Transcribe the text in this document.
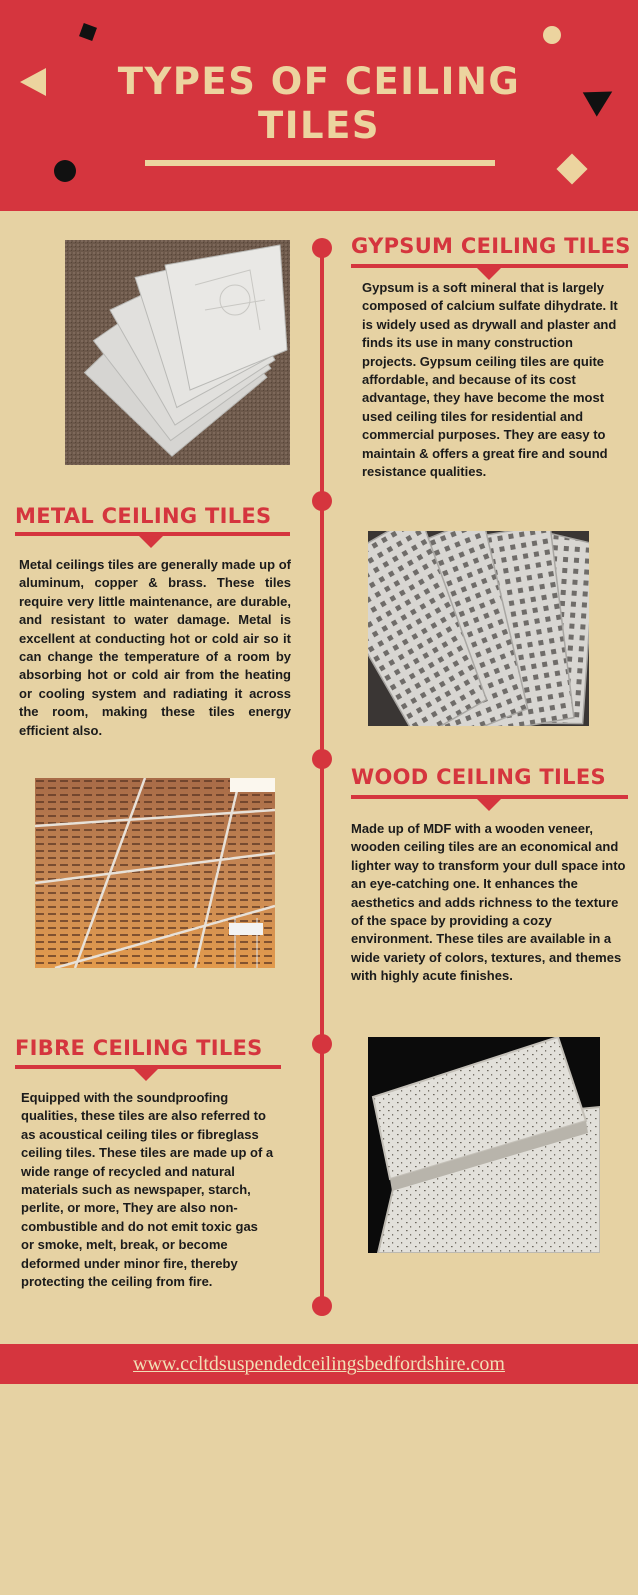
TYPES OF CEILING
TILES
GYPSUM CEILING TILES

Gypsum is a soft mineral that is largely composed of calcium sulfate dihydrate. It is widely used as drywall and plaster and finds its use in many construction projects. Gypsum ceiling tiles are quite affordable, and because of its cost advantage, they have become the most used ceiling tiles for residential and commercial purposes. They are easy to maintain & offers a great fire and sound resistance qualities.

METAL CEILING TILES

Metal ceilings tiles are generally made up of aluminum, copper & brass. These tiles require very little maintenance, are durable, and resistant to water damage. Metal is excellent at conducting hot or cold air so it can change the temperature of a room by absorbing hot or cold air from the heating or cooling system and radiating it across the room, making these tiles energy efficient also.

WOOD CEILING TILES

Made up of MDF with a wooden veneer, wooden ceiling tiles are an economical and lighter way to transform your dull space into an eye-catching one. It enhances the aesthetics and adds richness to the texture of the space by providing a cozy environment. These tiles are available in a wide variety of colors, textures, and themes with highly acute finishes.

FIBRE CEILING TILES

Equipped with the soundproofing qualities, these tiles are also referred to as acoustical ceiling tiles or fibreglass ceiling tiles. These tiles are made up of a wide range of recycled and natural materials such as newspaper, starch, perlite, or more, They are also non-combustible and do not emit toxic gas or smoke, melt, break, or become deformed under minor fire, thereby protecting the ceiling from fire.

www.ccltdsuspendedceilingsbedfordshire.com
